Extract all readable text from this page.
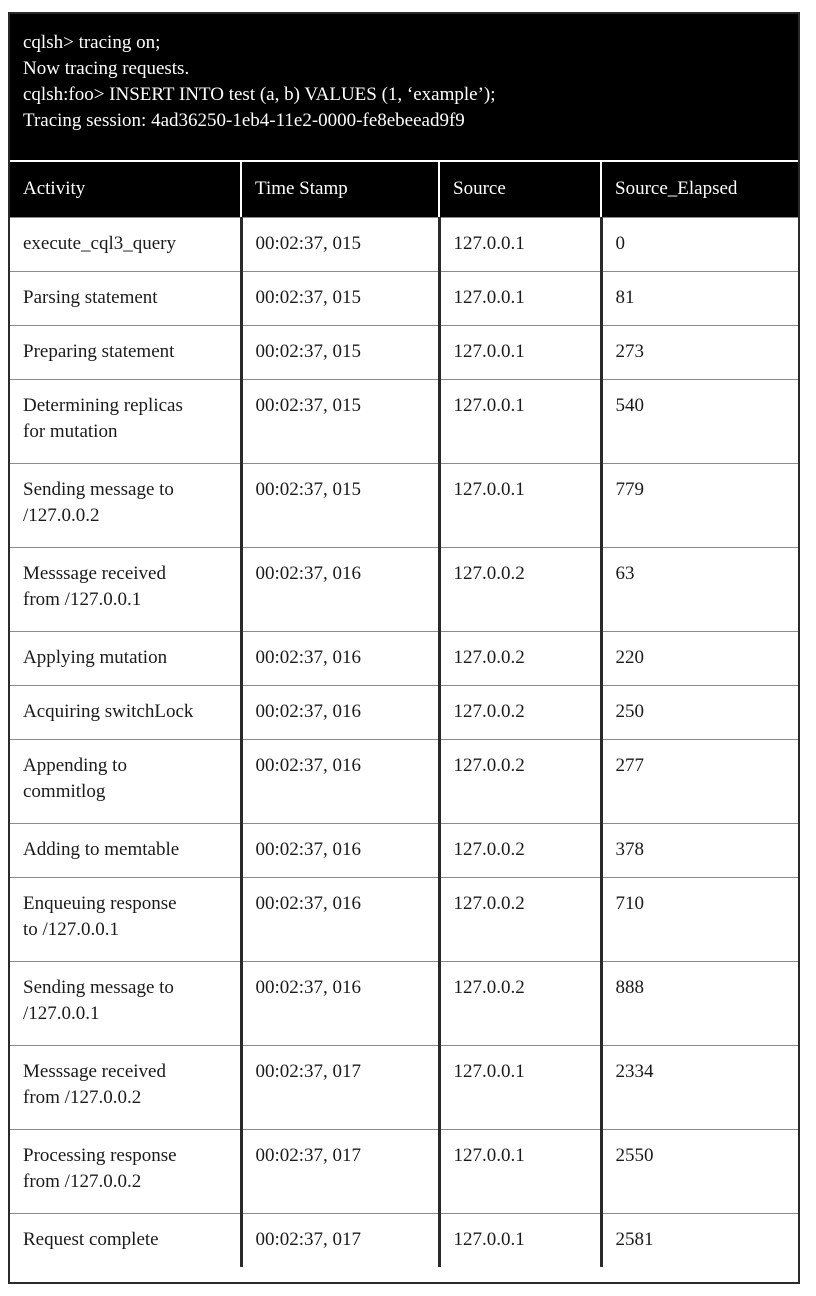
cqlsh> tracing on;
Now tracing requests.
cqlsh:foo> INSERT INTO test (a, b) VALUES (1, ‘example’);
Tracing session: 4ad36250-1eb4-11e2-0000-fe8ebeead9f9
Activity	Time Stamp	Source	Source_Elapsed

execute_cql3_query	00:02:37, 015	127.0.0.1	0

Parsing statement	00:02:37, 015	127.0.0.1	81

Preparing statement	00:02:37, 015	127.0.0.1	273

Determining replicas
for mutation	00:02:37, 015	127.0.0.1	540

Sending message to
/127.0.0.2	00:02:37, 015	127.0.0.1	779

Messsage received
from /127.0.0.1	00:02:37, 016	127.0.0.2	63

Applying mutation	00:02:37, 016	127.0.0.2	220

Acquiring switchLock	00:02:37, 016	127.0.0.2	250

Appending to
commitlog	00:02:37, 016	127.0.0.2	277

Adding to memtable	00:02:37, 016	127.0.0.2	378

Enqueuing response
to /127.0.0.1	00:02:37, 016	127.0.0.2	710

Sending message to
/127.0.0.1	00:02:37, 016	127.0.0.2	888

Messsage received
from /127.0.0.2	00:02:37, 017	127.0.0.1	2334

Processing response
from /127.0.0.2	00:02:37, 017	127.0.0.1	2550

Request complete	00:02:37, 017	127.0.0.1	2581
